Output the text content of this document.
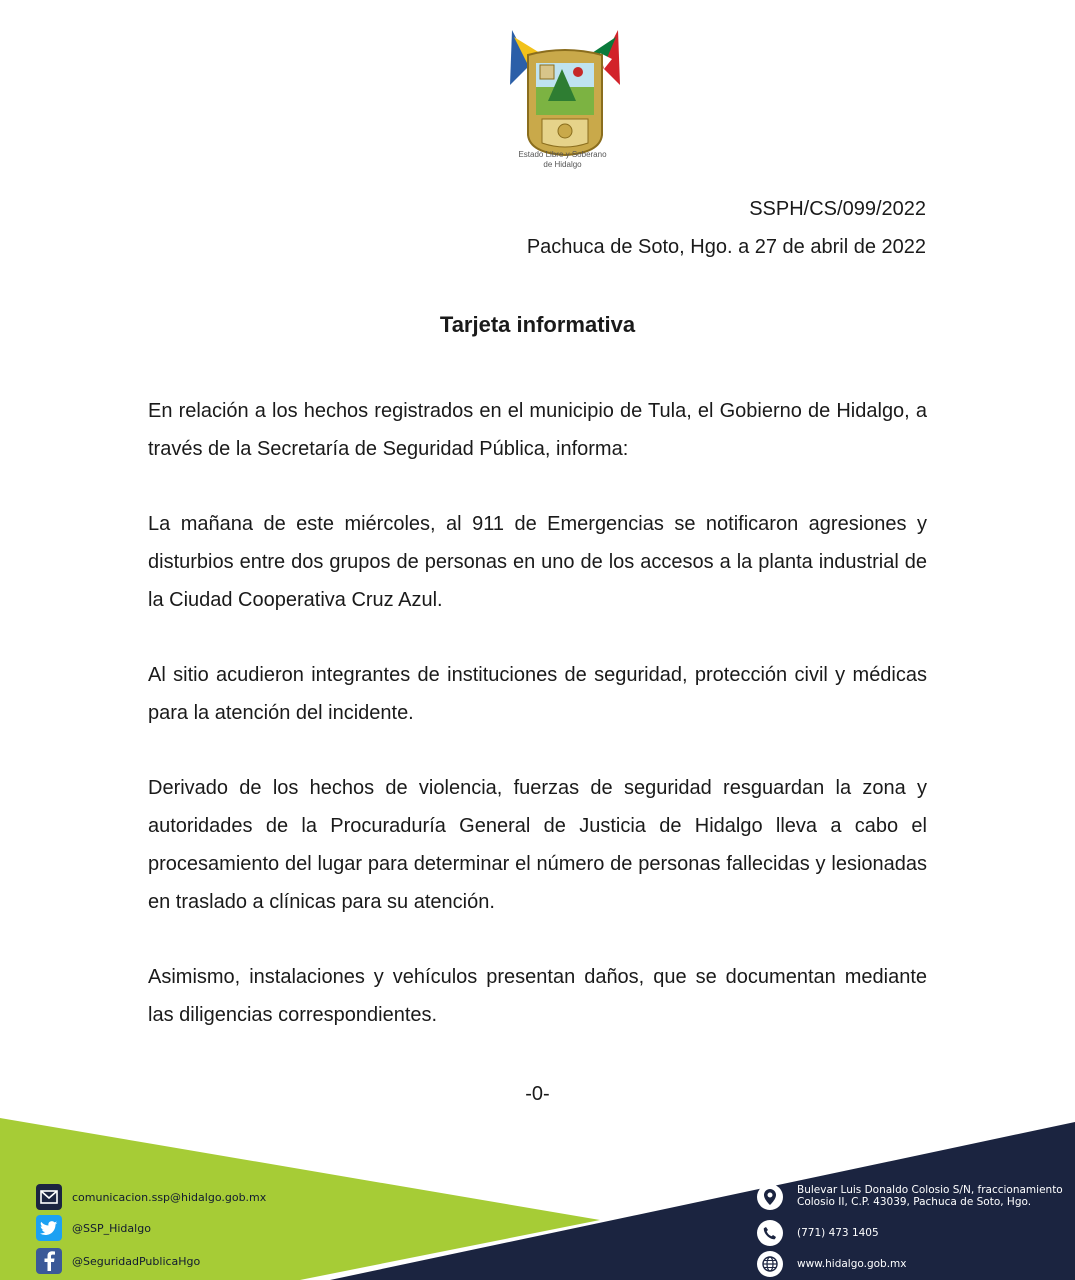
Estado Libre y Soberano
de Hidalgo
SSPH/CS/099/2022
Pachuca de Soto, Hgo. a 27 de abril de 2022
Tarjeta informativa

En relación a los hechos registrados en el municipio de Tula, el Gobierno de Hidalgo, a través de la Secretaría de Seguridad Pública, informa:

La mañana de este miércoles, al 911 de Emergencias se notificaron agresiones y disturbios entre dos grupos de personas en uno de los accesos a la planta industrial de la Ciudad Cooperativa Cruz Azul.

Al sitio acudieron integrantes de instituciones de seguridad, protección civil y médicas para la atención del incidente.

Derivado de los hechos de violencia, fuerzas de seguridad resguardan la zona y autoridades de la Procuraduría General de Justicia de Hidalgo lleva a cabo el procesamiento del lugar para determinar el número de personas fallecidas y lesionadas en traslado a clínicas para su atención.

Asimismo, instalaciones y vehículos presentan daños, que se documentan mediante las diligencias correspondientes.

-0-
comunicacion.ssp@hidalgo.gob.mx
@SSP_Hidalgo
@SeguridadPublicaHgo
Bulevar Luis Donaldo Colosio S/N, fraccionamiento
Colosio II, C.P. 43039, Pachuca de Soto, Hgo.
(771) 473 1405
www.hidalgo.gob.mx
